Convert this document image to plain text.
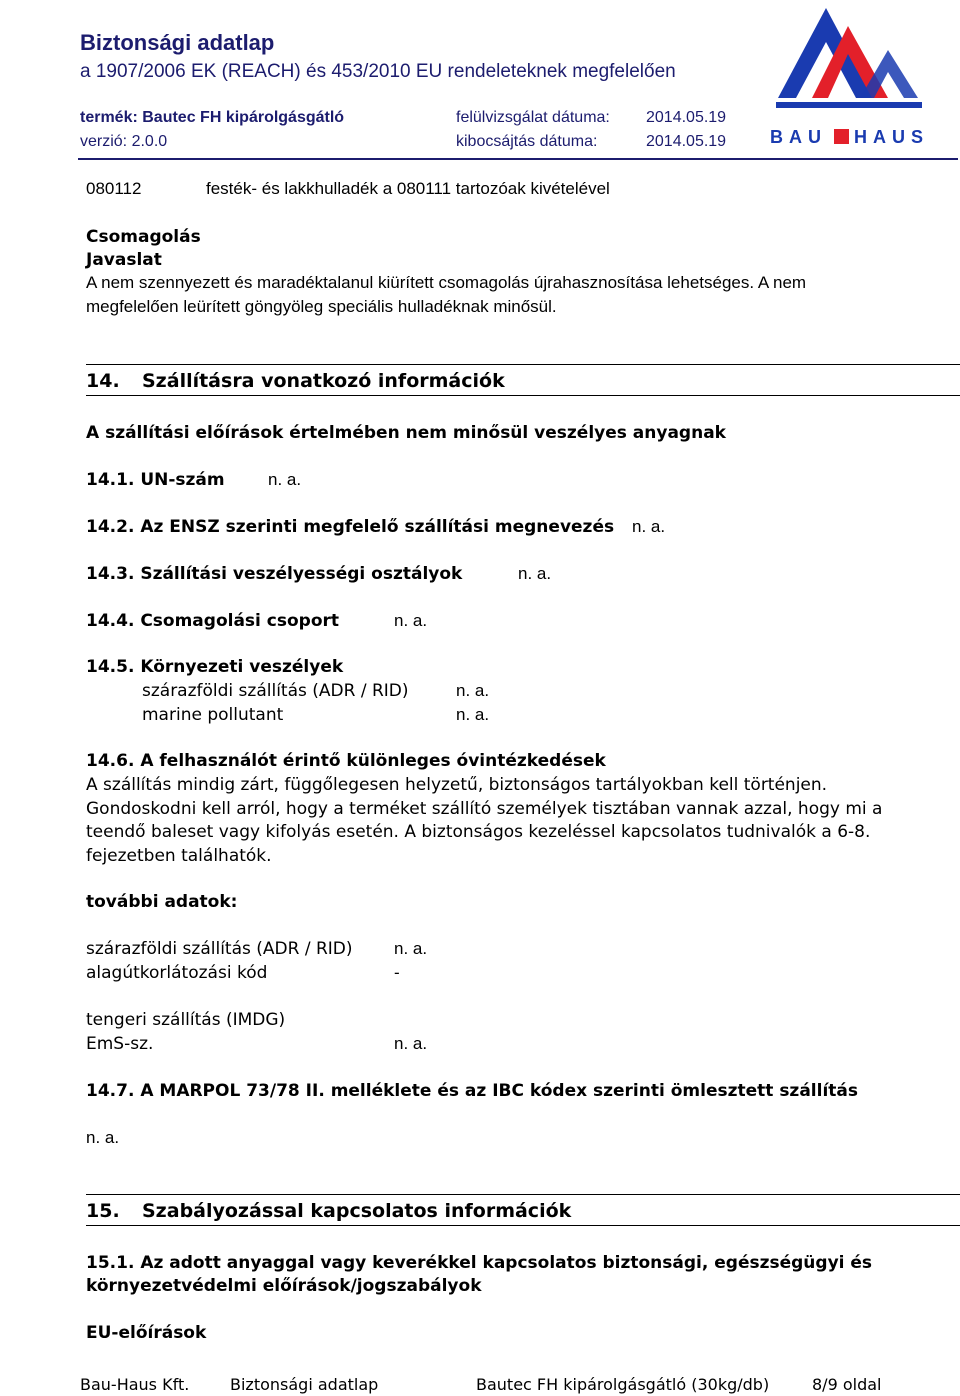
Biztonsági adatlap
a 1907/2006 EK (REACH) és 453/2010 EU rendeleteknek megfelelően
termék: Bautec FH kipárolgásgátló
verzió: 2.0.0
felülvizsgálat dátuma: 2014.05.19
kibocsájtás dátuma:	2014.05.19 BAU HAUS
080112	festék- és lakkhulladék a 080111 tartozóak kivételével
Csomagolás
Javaslat
A nem szennyezett és maradéktalanul kiürített csomagolás újrahasznosítása lehetséges. A nem
megfelelően leürített göngyöleg speciális hulladéknak minősül.
14. Szállításra vonatkozó információk
A szállítási előírások értelmében nem minősül veszélyes anyagnak
14.1. UN-szám	n. a.
14.2. Az ENSZ szerinti megfelelő szállítási megnevezés n. a.
14.3. Szállítási veszélyességi osztályok	n. a.
14.4. Csomagolási csoport	n. a.
14.5. Környezeti veszélyek
szárazföldi szállítás (ADR / RID)	n. a.
marine pollutant	n. a.
14.6. A felhasználót érintő különleges óvintézkedések
A szállítás mindig zárt, függőlegesen helyzetű, biztonságos tartályokban kell történjen.
Gondoskodni kell arról, hogy a terméket szállító személyek tisztában vannak azzal, hogy mi a
teendő baleset vagy kifolyás esetén. A biztonságos kezeléssel kapcsolatos tudnivalók a 6-8.
fejezetben találhatók.
további adatok:
szárazföldi szállítás (ADR / RID) n. a.
alagútkorlátozási kód	-
tengeri szállítás (IMDG)
EmS-sz.	n. a.
14.7. A MARPOL 73/78 II. melléklete és az IBC kódex szerinti ömlesztett szállítás
n. a.
15. Szabályozással kapcsolatos információk
15.1. Az adott anyaggal vagy keverékkel kapcsolatos biztonsági, egészségügyi és
környezetvédelmi előírások/jogszabályok
EU-előírások
Bau-Haus Kft.	Biztonsági adatlap	Bautec FH kipárolgásgátló (30kg/db)	8/9 oldal
